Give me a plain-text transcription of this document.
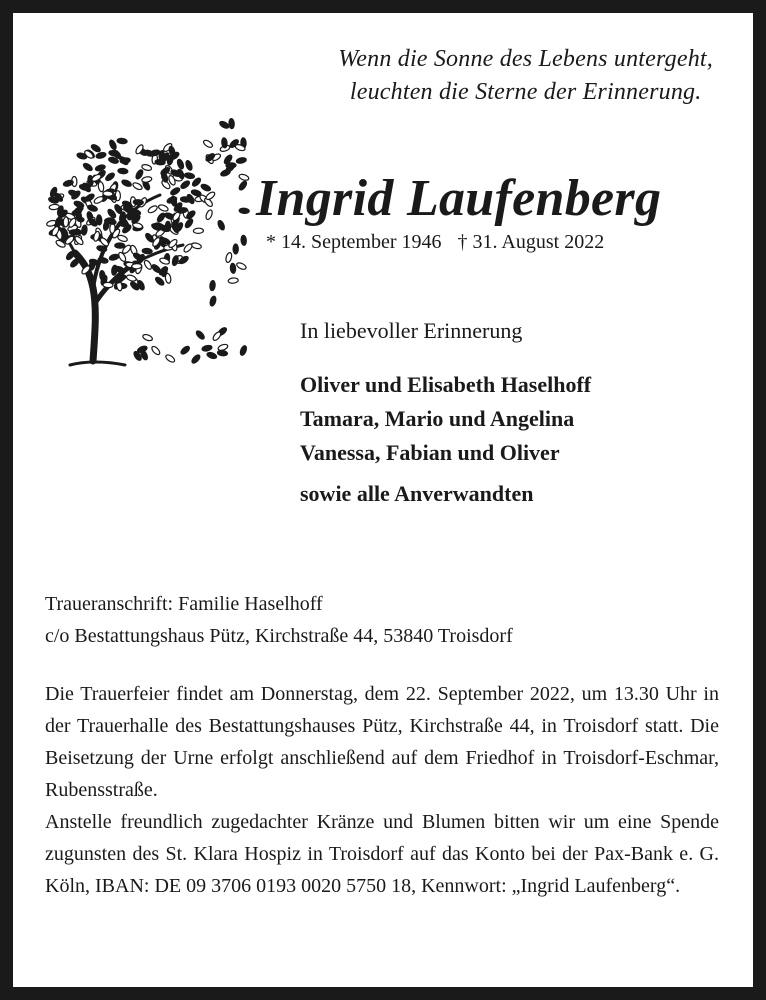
Wenn die Sonne des Lebens untergeht,
leuchten die Sterne der Erinnerung.
Ingrid Laufenberg
* 14. September 1946 † 31. August 2022
In liebevoller Erinnerung
Oliver und Elisabeth Haselhoff
Tamara, Mario und Angelina
Vanessa, Fabian und Oliver
sowie alle Anverwandten
Traueranschrift: Familie Haselhoff
c/o Bestattungshaus Pütz, Kirchstraße 44, 53840 Troisdorf

Die Trauerfeier findet am Donnerstag, dem 22. September 2022, um 13.30 Uhr in der Trauerhalle des Bestattungshauses Pütz, Kirchstraße 44, in Troisdorf statt. Die Beisetzung der Urne erfolgt anschließend auf dem Friedhof in Troisdorf-Eschmar, Rubensstraße.

Anstelle freundlich zugedachter Kränze und Blumen bitten wir um eine Spende zugunsten des St. Klara Hospiz in Troisdorf auf das Konto bei der Pax-Bank e. G. Köln, IBAN: DE 09 3706 0193 0020 5750 18, Kennwort: „Ingrid Laufenberg“.
